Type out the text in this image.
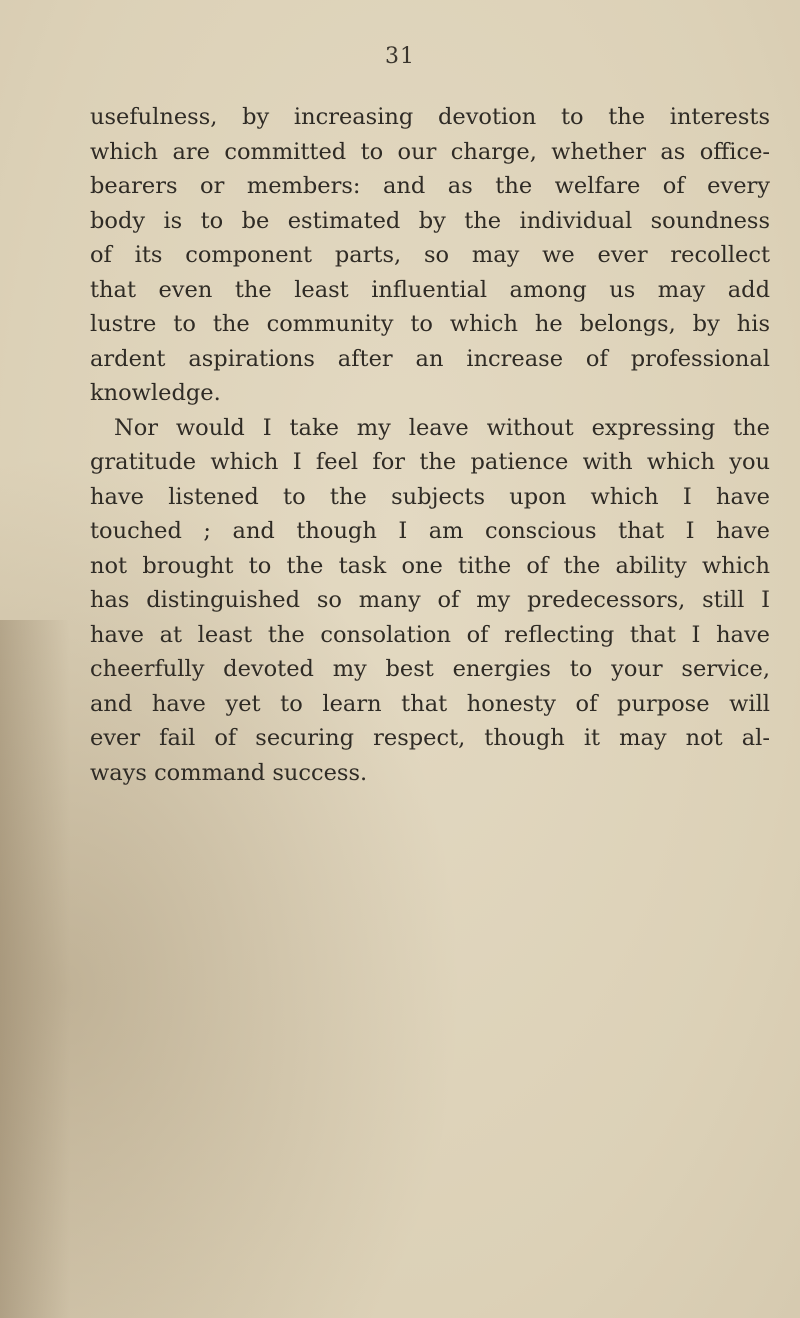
31
usefulness, by increasing devotion to the interests
which are committed to our charge, whether as office-
bearers or members: and as the welfare of every
body is to be estimated by the individual soundness
of its component parts, so may we ever recollect
that even the least influential among us may add
lustre to the community to which he belongs, by his
ardent aspirations after an increase of professional
knowledge.
Nor would I take my leave without expressing the
gratitude which I feel for the patience with which you
have listened to the subjects upon which I have
touched ; and though I am conscious that I have
not brought to the task one tithe of the ability which
has distinguished so many of my predecessors, still I
have at least the consolation of reflecting that I have
cheerfully devoted my best energies to your service,
and have yet to learn that honesty of purpose will
ever fail of securing respect, though it may not al-
ways command success.
